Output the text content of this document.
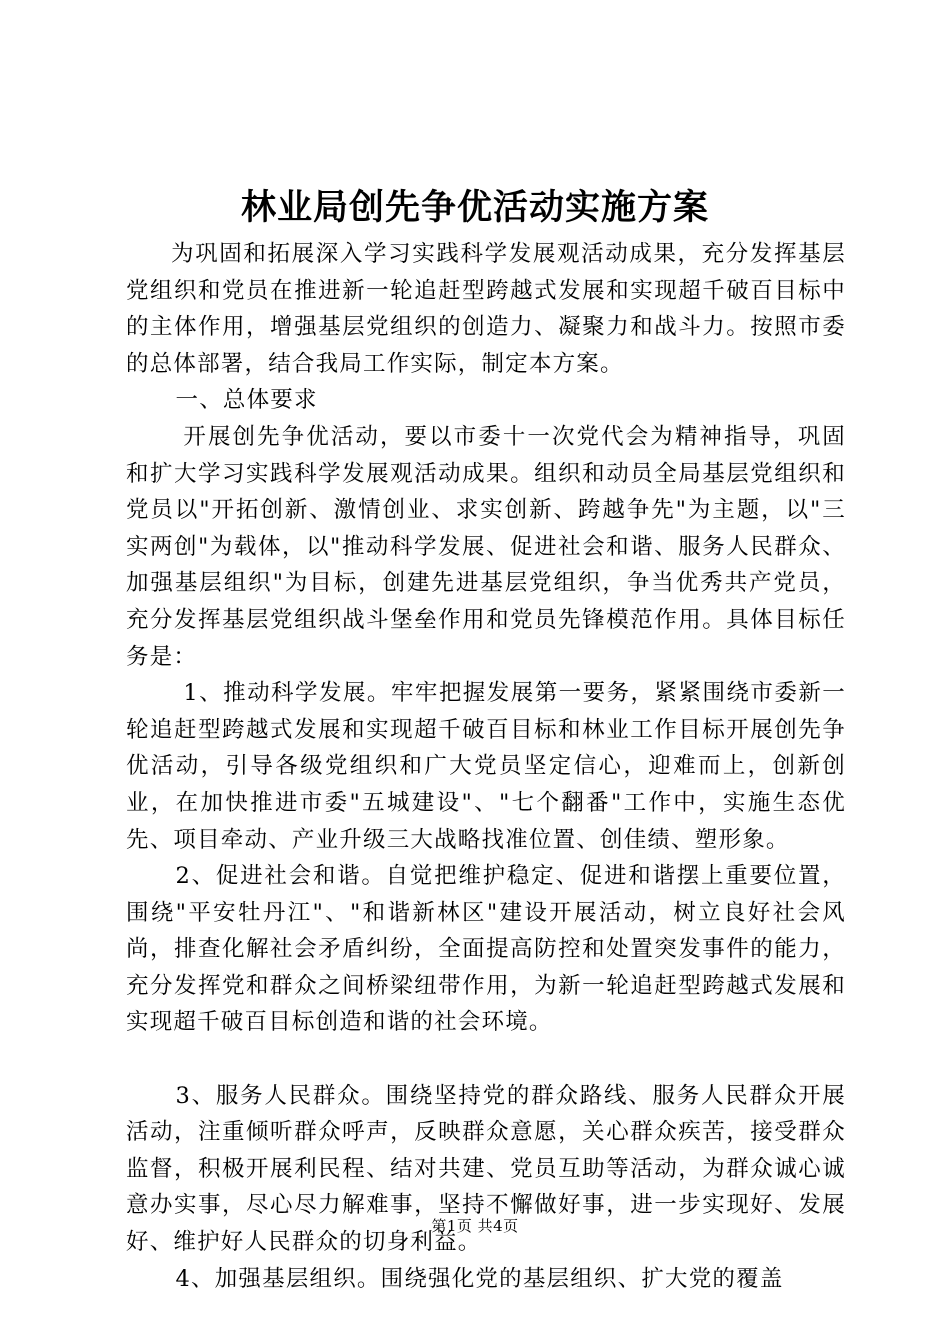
林业局创先争优活动实施方案

为巩固和拓展深入学习实践科学发展观活动成果，充分发挥基层党组织和党员在推进新一轮追赶型跨越式发展和实现超千破百目标中的主体作用，增强基层党组织的创造力、凝聚力和战斗力。按照市委的总体部署，结合我局工作实际，制定本方案。

一、总体要求

开展创先争优活动，要以市委十一次党代会为精神指导，巩固和扩大学习实践科学发展观活动成果。组织和动员全局基层党组织和党员以"开拓创新、激情创业、求实创新、跨越争先"为主题，以"三实两创"为载体，以"推动科学发展、促进社会和谐、服务人民群众、加强基层组织"为目标，创建先进基层党组织，争当优秀共产党员，充分发挥基层党组织战斗堡垒作用和党员先锋模范作用。具体目标任务是：

1、推动科学发展。牢牢把握发展第一要务，紧紧围绕市委新一轮追赶型跨越式发展和实现超千破百目标和林业工作目标开展创先争优活动，引导各级党组织和广大党员坚定信心，迎难而上，创新创业，在加快推进市委"五城建设"、"七个翻番"工作中，实施生态优先、项目牵动、产业升级三大战略找准位置、创佳绩、塑形象。

2、促进社会和谐。自觉把维护稳定、促进和谐摆上重要位置，围绕"平安牡丹江"、"和谐新林区"建设开展活动，树立良好社会风尚，排查化解社会矛盾纠纷，全面提高防控和处置突发事件的能力，充分发挥党和群众之间桥梁纽带作用，为新一轮追赶型跨越式发展和实现超千破百目标创造和谐的社会环境。

3、服务人民群众。围绕坚持党的群众路线、服务人民群众开展活动，注重倾听群众呼声，反映群众意愿，关心群众疾苦，接受群众监督，积极开展利民程、结对共建、党员互助等活动，为群众诚心诚意办实事，尽心尽力解难事，坚持不懈做好事，进一步实现好、发展好、维护好人民群众的切身利益。

4、加强基层组织。围绕强化党的基层组织、扩大党的覆盖

第1页 共4页
